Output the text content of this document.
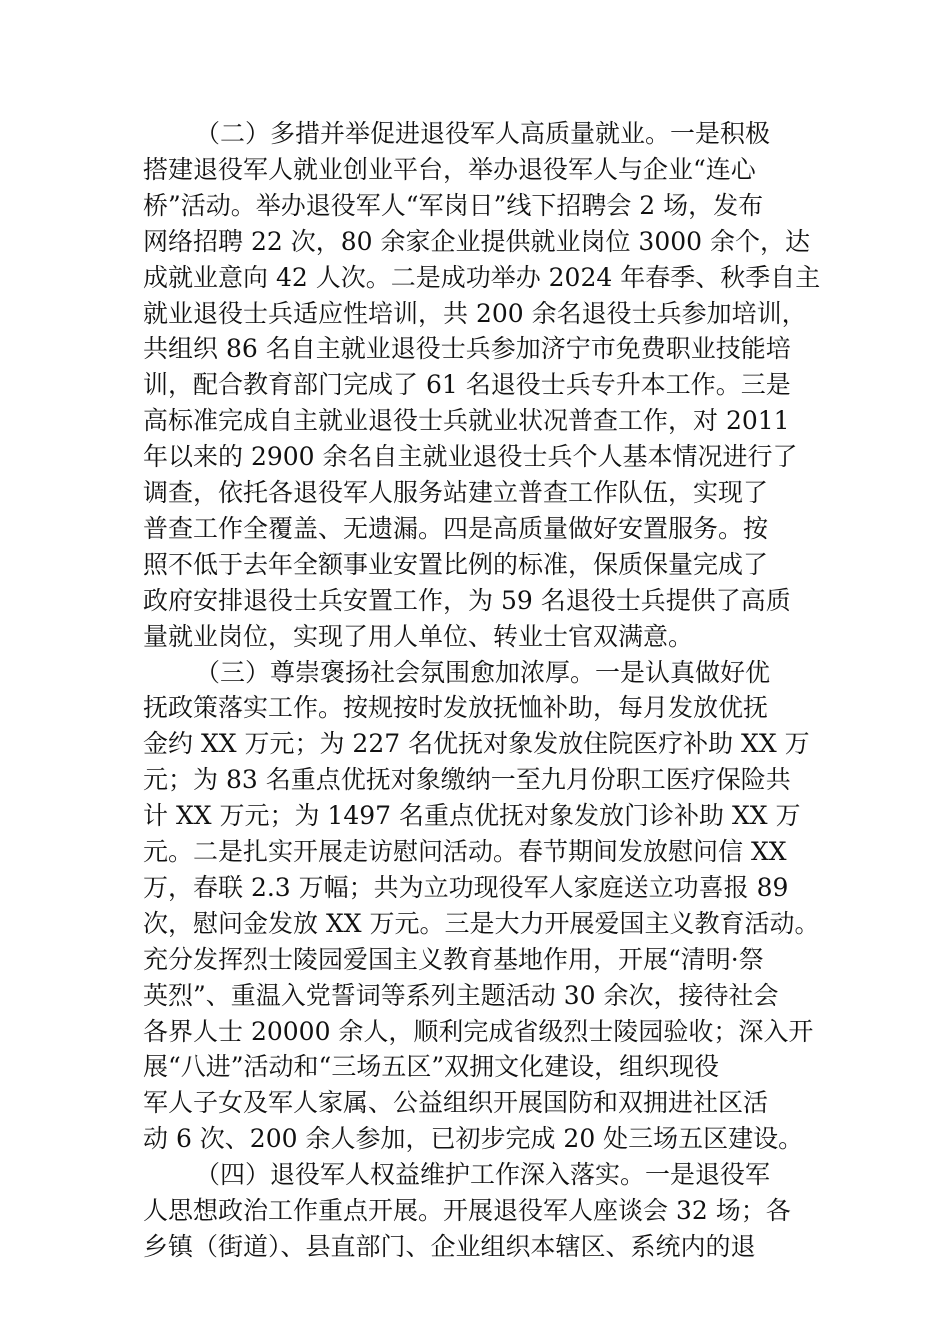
（二）多措并举促进退役军人高质量就业。一是积极
搭建退役军人就业创业平台，举办退役军人与企业“连心
桥”活动。举办退役军人“军岗日”线下招聘会 2 场，发布
网络招聘 22 次，80 余家企业提供就业岗位 3000 余个，达
成就业意向 42 人次。二是成功举办 2024 年春季、秋季自主
就业退役士兵适应性培训，共 200 余名退役士兵参加培训，
共组织 86 名自主就业退役士兵参加济宁市免费职业技能培
训，配合教育部门完成了 61 名退役士兵专升本工作。三是
高标准完成自主就业退役士兵就业状况普查工作，对 2011
年以来的 2900 余名自主就业退役士兵个人基本情况进行了
调查，依托各退役军人服务站建立普查工作队伍，实现了
普查工作全覆盖、无遗漏。四是高质量做好安置服务。按
照不低于去年全额事业安置比例的标准，保质保量完成了
政府安排退役士兵安置工作，为 59 名退役士兵提供了高质
量就业岗位，实现了用人单位、转业士官双满意。
（三）尊崇褒扬社会氛围愈加浓厚。一是认真做好优
抚政策落实工作。按规按时发放抚恤补助，每月发放优抚
金约 XX 万元；为 227 名优抚对象发放住院医疗补助 XX 万
元；为 83 名重点优抚对象缴纳一至九月份职工医疗保险共
计 XX 万元；为 1497 名重点优抚对象发放门诊补助 XX 万
元。二是扎实开展走访慰问活动。春节期间发放慰问信 XX
万，春联 2.3 万幅；共为立功现役军人家庭送立功喜报 89
次，慰问金发放 XX 万元。三是大力开展爱国主义教育活动。
充分发挥烈士陵园爱国主义教育基地作用，开展“清明·祭
英烈”、重温入党誓词等系列主题活动 30 余次，接待社会
各界人士 20000 余人，顺利完成省级烈士陵园验收；深入开
展“八进”活动和“三场五区”双拥文化建设，组织现役
军人子女及军人家属、公益组织开展国防和双拥进社区活
动 6 次、200 余人参加，已初步完成 20 处三场五区建设。
（四）退役军人权益维护工作深入落实。一是退役军
人思想政治工作重点开展。开展退役军人座谈会 32 场；各
乡镇（街道）、县直部门、企业组织本辖区、系统内的退
